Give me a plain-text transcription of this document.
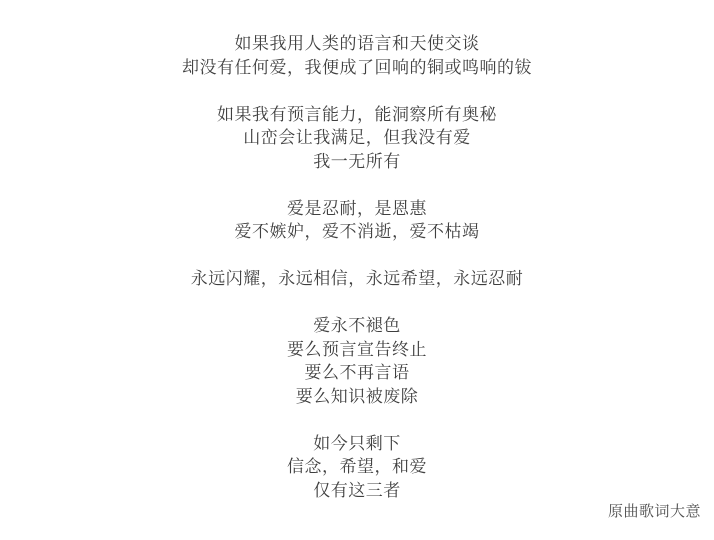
如果我用人类的语言和天使交谈
却没有任何爱，我便成了回响的铜或鸣响的钹
如果我有预言能力，能洞察所有奥秘
山峦会让我满足，但我没有爱
我一无所有
爱是忍耐，是恩惠
爱不嫉妒，爱不消逝，爱不枯竭
永远闪耀，永远相信，永远希望，永远忍耐
爱永不褪色
要么预言宣告终止
要么不再言语
要么知识被废除
如今只剩下
信念，希望，和爱
仅有这三者
原曲歌词大意
